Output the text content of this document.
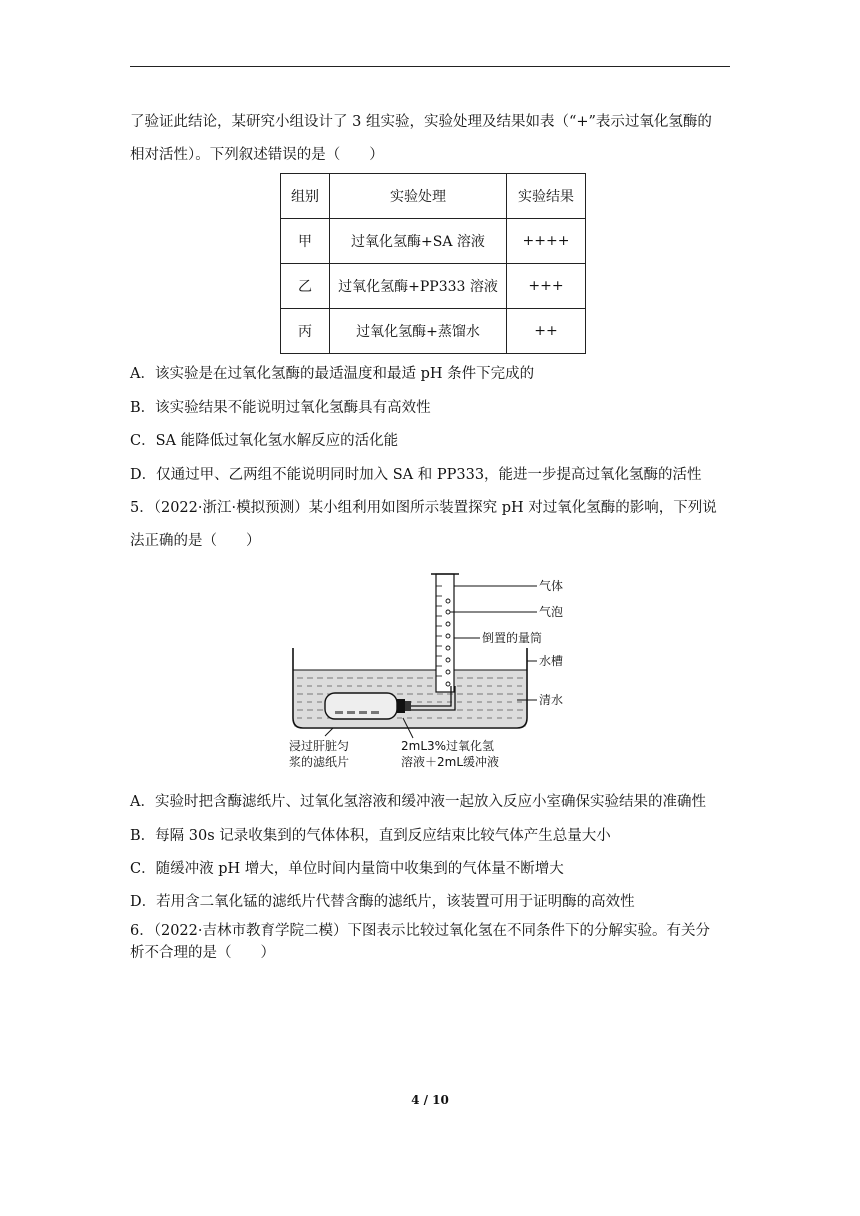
了验证此结论，某研究小组设计了 3 组实验，实验处理及结果如表（“+”表示过氧化氢酶的
相对活性）。下列叙述错误的是（　　）
组别	实验处理	实验结果
甲	过氧化氢酶+SA 溶液	++++
乙	过氧化氢酶+PP333 溶液	+++
丙	过氧化氢酶+蒸馏水	++
A．该实验是在过氧化氢酶的最适温度和最适 pH 条件下完成的
B．该实验结果不能说明过氧化氢酶具有高效性
C．SA 能降低过氧化氢水解反应的活化能
D．仅通过甲、乙两组不能说明同时加入 SA 和 PP333，能进一步提高过氧化氢酶的活性
5．（2022·浙江·模拟预测）某小组利用如图所示装置探究 pH 对过氧化氢酶的影响，下列说
法正确的是（　　）
气体
气泡
倒置的量筒
水槽
清水
浸过肝脏匀
浆的滤纸片
2mL3%过氧化氢
溶液＋2mL缓冲液
A．实验时把含酶滤纸片、过氧化氢溶液和缓冲液一起放入反应小室确保实验结果的准确性
B．每隔 30s 记录收集到的气体体积，直到反应结束比较气体产生总量大小
C．随缓冲液 pH 增大，单位时间内量筒中收集到的气体量不断增大
D．若用含二氧化锰的滤纸片代替含酶的滤纸片，该装置可用于证明酶的高效性
6．（2022·吉林市教育学院二模）下图表示比较过氧化氢在不同条件下的分解实验。有关分
析不合理的是（　　）
4 / 10
